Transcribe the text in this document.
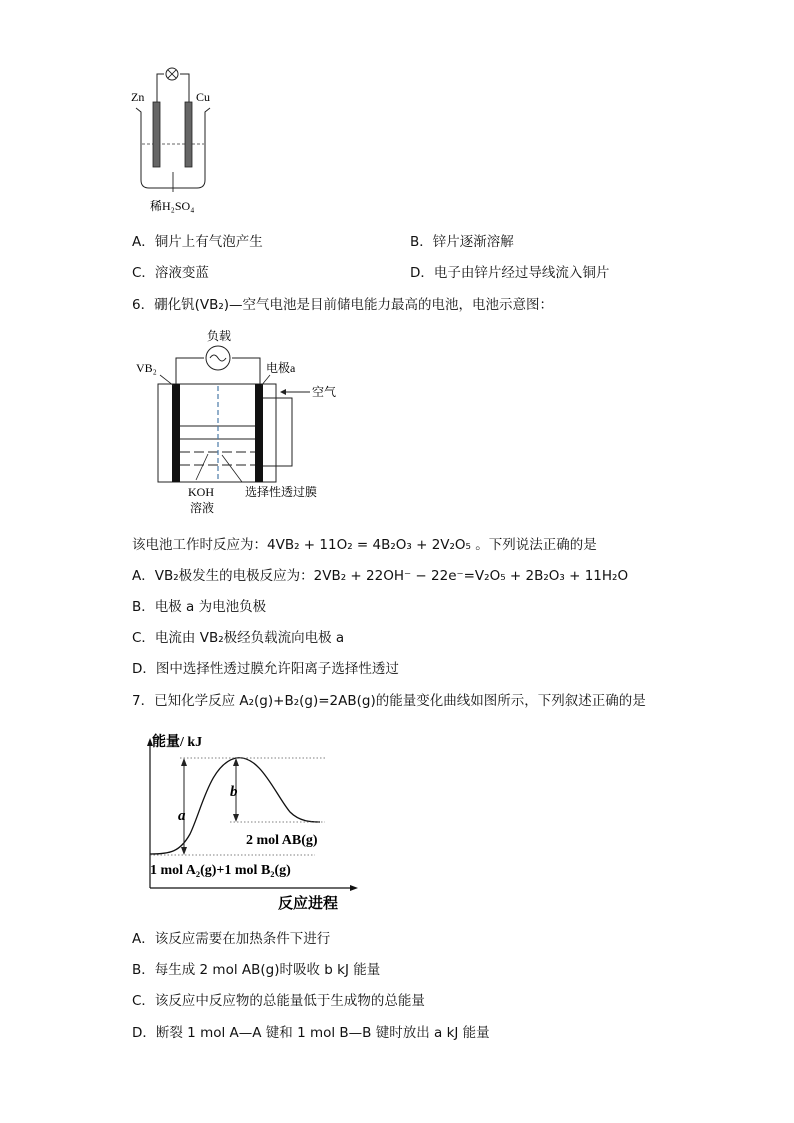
Zn	Cu
稀H₂SO₄
A．铜片上有气泡产生	B．锌片逐渐溶解
C．溶液变蓝	D．电子由锌片经过导线流入铜片
6．硼化钒(VB₂)—空气电池是目前储电能力最高的电池，电池示意图：
负载
空气
VB₂	电极a
KOH
溶液
选择性透过膜
该电池工作时反应为：4VB₂ + 11O₂ = 4B₂O₃ + 2V₂O₅ 。下列说法正确的是
A．VB₂极发生的电极反应为：2VB₂ + 22OH⁻ − 22e⁻=V₂O₅ + 2B₂O₃ + 11H₂O
B．电极 a 为电池负极
C．电流由 VB₂极经负载流向电极 a
D．图中选择性透过膜允许阳离子选择性透过
7．已知化学反应 A₂(g)+B₂(g)=2AB(g)的能量变化曲线如图所示，下列叙述正确的是
能量/ kJ
反应进程
a
b
2 mol AB(g)
1 mol A₂(g)+1 mol B₂(g)
A．该反应需要在加热条件下进行
B．每生成 2 mol AB(g)时吸收 b kJ 能量
C．该反应中反应物的总能量低于生成物的总能量
D．断裂 1 mol A—A 键和 1 mol B—B 键时放出 a kJ 能量
